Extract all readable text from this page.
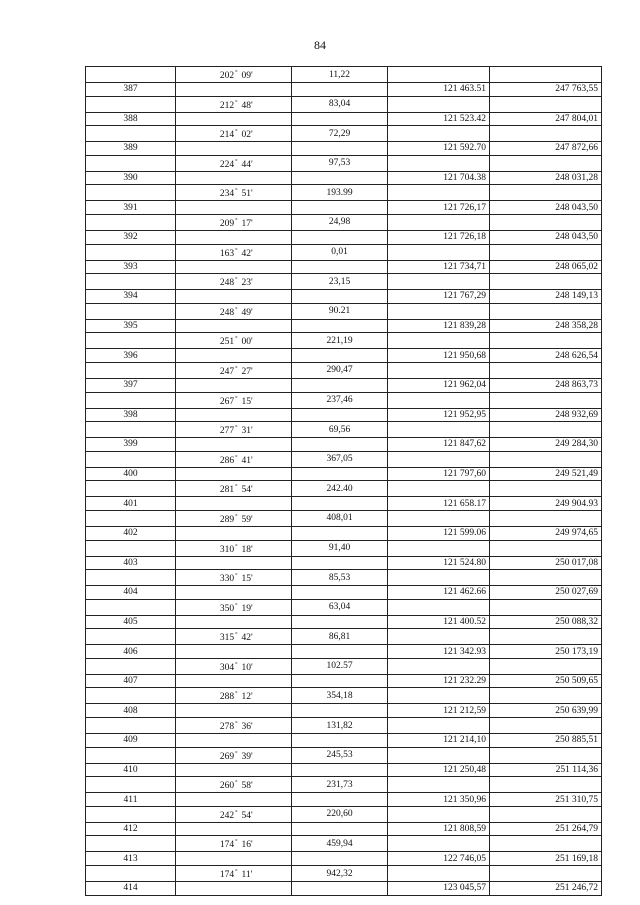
84
	202° 09'	11,22		
387			121 463.51	247 763,55
	212° 48'	83,04		
388			121 523.42	247 804,01
	214° 02'	72,29		
389			121 592.70	247 872,66
	224° 44'	97,53		
390			121 704.38	248 031,28
	234° 51'	193.99		
391			121 726,17	248 043,50
	209° 17'	24,98		
392			121 726,18	248 043,50
	163° 42'	0,01		
393			121 734,71	248 065,02
	248° 23'	23,15		
394			121 767,29	248 149,13
	248° 49'	90.21		
395			121 839,28	248 358,28
	251° 00'	221,19		
396			121 950,68	248 626,54
	247° 27'	290,47		
397			121 962,04	248 863,73
	267° 15'	237,46		
398			121 952,95	248 932,69
	277° 31'	69,56		
399			121 847,62	249 284,30
	286° 41'	367,05		
400			121 797,60	249 521,49
	281° 54'	242.40		
401			121 658.17	249 904.93
	289° 59'	408,01		
402			121 599.06	249 974,65
	310° 18'	91,40		
403			121 524.80	250 017,08
	330° 15'	85,53		
404			121 462.66	250 027,69
	350° 19'	63,04		
405			121 400.52	250 088,32
	315° 42'	86,81		
406			121 342.93	250 173,19
	304° 10'	102.57		
407			121 232.29	250 509,65
	288° 12'	354,18		
408			121 212,59	250 639,99
	278° 36'	131,82		
409			121 214,10	250 885,51
	269° 39'	245,53		
410			121 250,48	251 114,36
	260° 58'	231,73		
411			121 350,96	251 310,75
	242° 54'	220,60		
412			121 808,59	251 264,79
	174° 16'	459,94		
413			122 746,05	251 169,18
	174° 11'	942,32		
414			123 045,57	251 246,72
